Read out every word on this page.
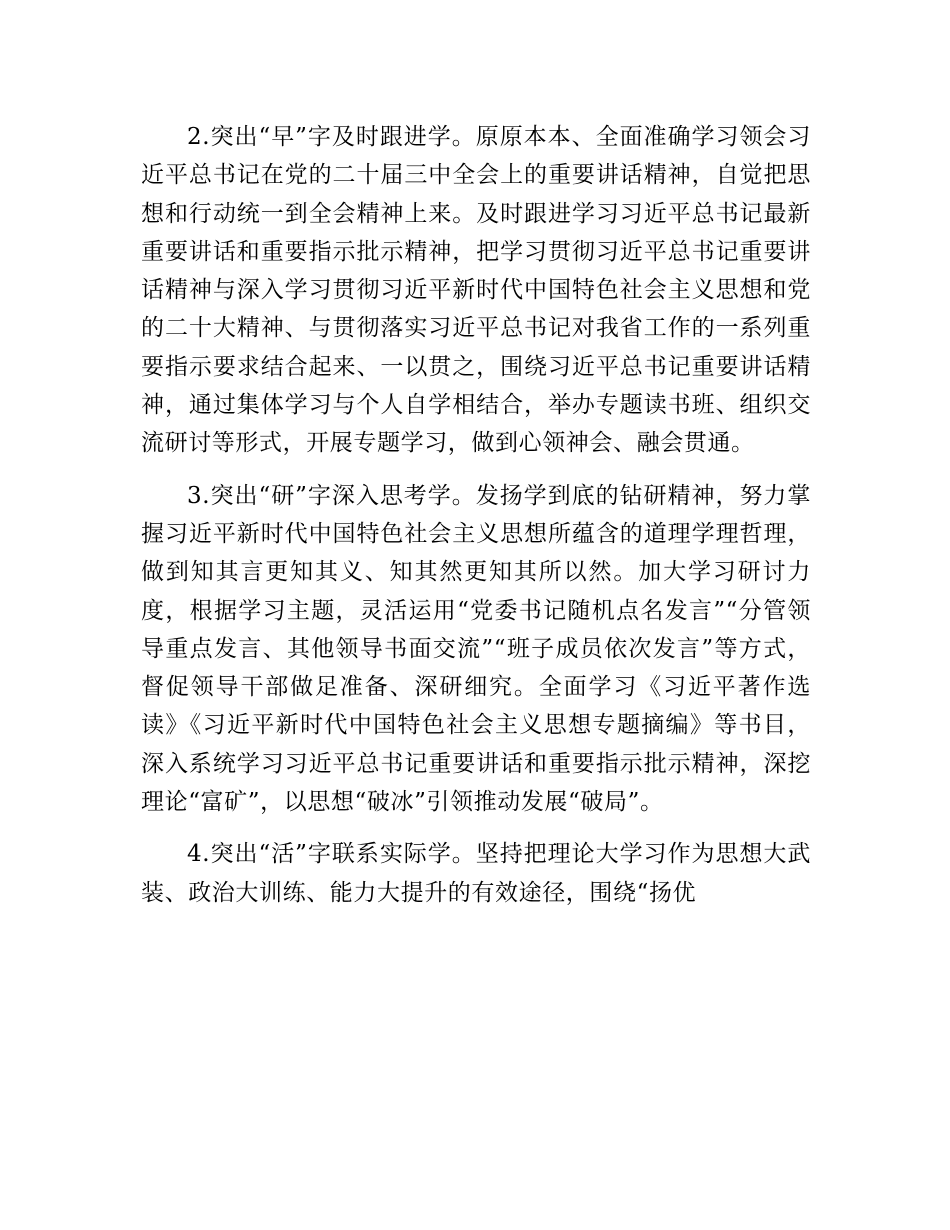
2.突出“早”字及时跟进学。原原本本、全面准确学习领会习近平总书记在党的二十届三中全会上的重要讲话精神，自觉把思想和行动统一到全会精神上来。及时跟进学习习近平总书记最新重要讲话和重要指示批示精神，把学习贯彻习近平总书记重要讲话精神与深入学习贯彻习近平新时代中国特色社会主义思想和党的二十大精神、与贯彻落实习近平总书记对我省工作的一系列重要指示要求结合起来、一以贯之，围绕习近平总书记重要讲话精神，通过集体学习与个人自学相结合，举办专题读书班、组织交流研讨等形式，开展专题学习，做到心领神会、融会贯通。

3.突出“研”字深入思考学。发扬学到底的钻研精神，努力掌握习近平新时代中国特色社会主义思想所蕴含的道理学理哲理，做到知其言更知其义、知其然更知其所以然。加大学习研讨力度，根据学习主题，灵活运用“党委书记随机点名发言”“分管领导重点发言、其他领导书面交流”“班子成员依次发言”等方式，督促领导干部做足准备、深研细究。全面学习《习近平著作选读》《习近平新时代中国特色社会主义思想专题摘编》等书目，深入系统学习习近平总书记重要讲话和重要指示批示精神，深挖理论“富矿”，以思想“破冰”引领推动发展“破局”。

4.突出“活”字联系实际学。坚持把理论大学习作为思想大武装、政治大训练、能力大提升的有效途径，围绕“扬优
